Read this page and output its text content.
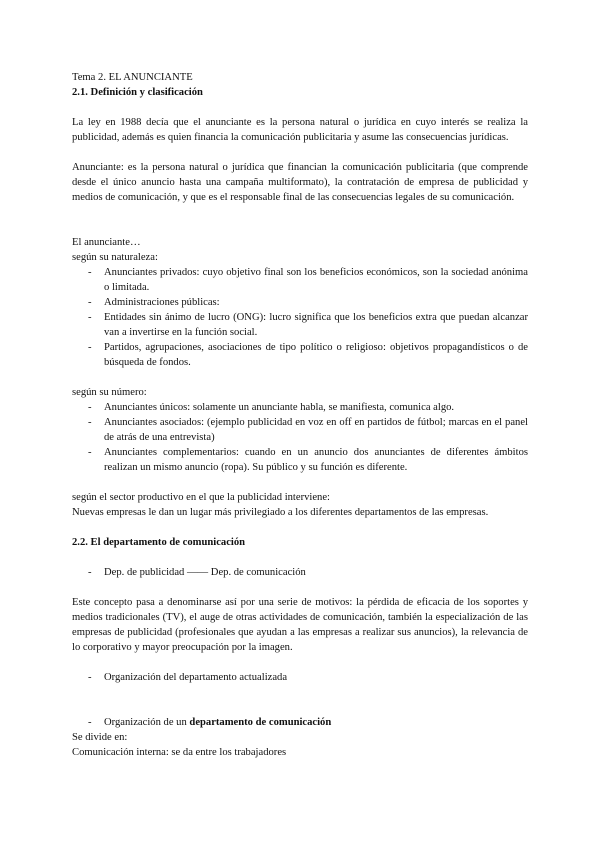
Tema 2. EL ANUNCIANTE

2.1. Definición y clasificación

La ley en 1988 decía que el anunciante es la persona natural o jurídica en cuyo interés se realiza la publicidad, además es quien financia la comunicación publicitaria y asume las consecuencias jurídicas.

Anunciante: es la persona natural o jurídica que financian la comunicación publicitaria (que comprende desde el único anuncio hasta una campaña multiformato), la contratación de empresa de publicidad y medios de comunicación, y que es el responsable final de las consecuencias legales de su comunicación.

El anunciante…

según su naturaleza:

- Anunciantes privados: cuyo objetivo final son los beneficios económicos, son la sociedad anónima o limitada.
- Administraciones públicas:
- Entidades sin ánimo de lucro (ONG): lucro significa que los beneficios extra que puedan alcanzar van a invertirse en la función social.
- Partidos, agrupaciones, asociaciones de tipo político o religioso: objetivos propagandísticos o de búsqueda de fondos.

según su número:

- Anunciantes únicos: solamente un anunciante habla, se manifiesta, comunica algo.
- Anunciantes asociados: (ejemplo publicidad en voz en off en partidos de fútbol; marcas en el panel de atrás de una entrevista)
- Anunciantes complementarios: cuando en un anuncio dos anunciantes de diferentes ámbitos realizan un mismo anuncio (ropa). Su público y su función es diferente.

según el sector productivo en el que la publicidad interviene:

Nuevas empresas le dan un lugar más privilegiado a los diferentes departamentos de las empresas.

2.2. El departamento de comunicación

- Dep. de publicidad —— Dep. de comunicación

Este concepto pasa a denominarse así por una serie de motivos: la pérdida de eficacia de los soportes y medios tradicionales (TV), el auge de otras actividades de comunicación, también la especialización de las empresas de publicidad (profesionales que ayudan a las empresas a realizar sus anuncios), la relevancia de lo corporativo y mayor preocupación por la imagen.

- Organización del departamento actualizada
- Organización de un departamento de comunicación

Se divide en:

Comunicación interna: se da entre los trabajadores
